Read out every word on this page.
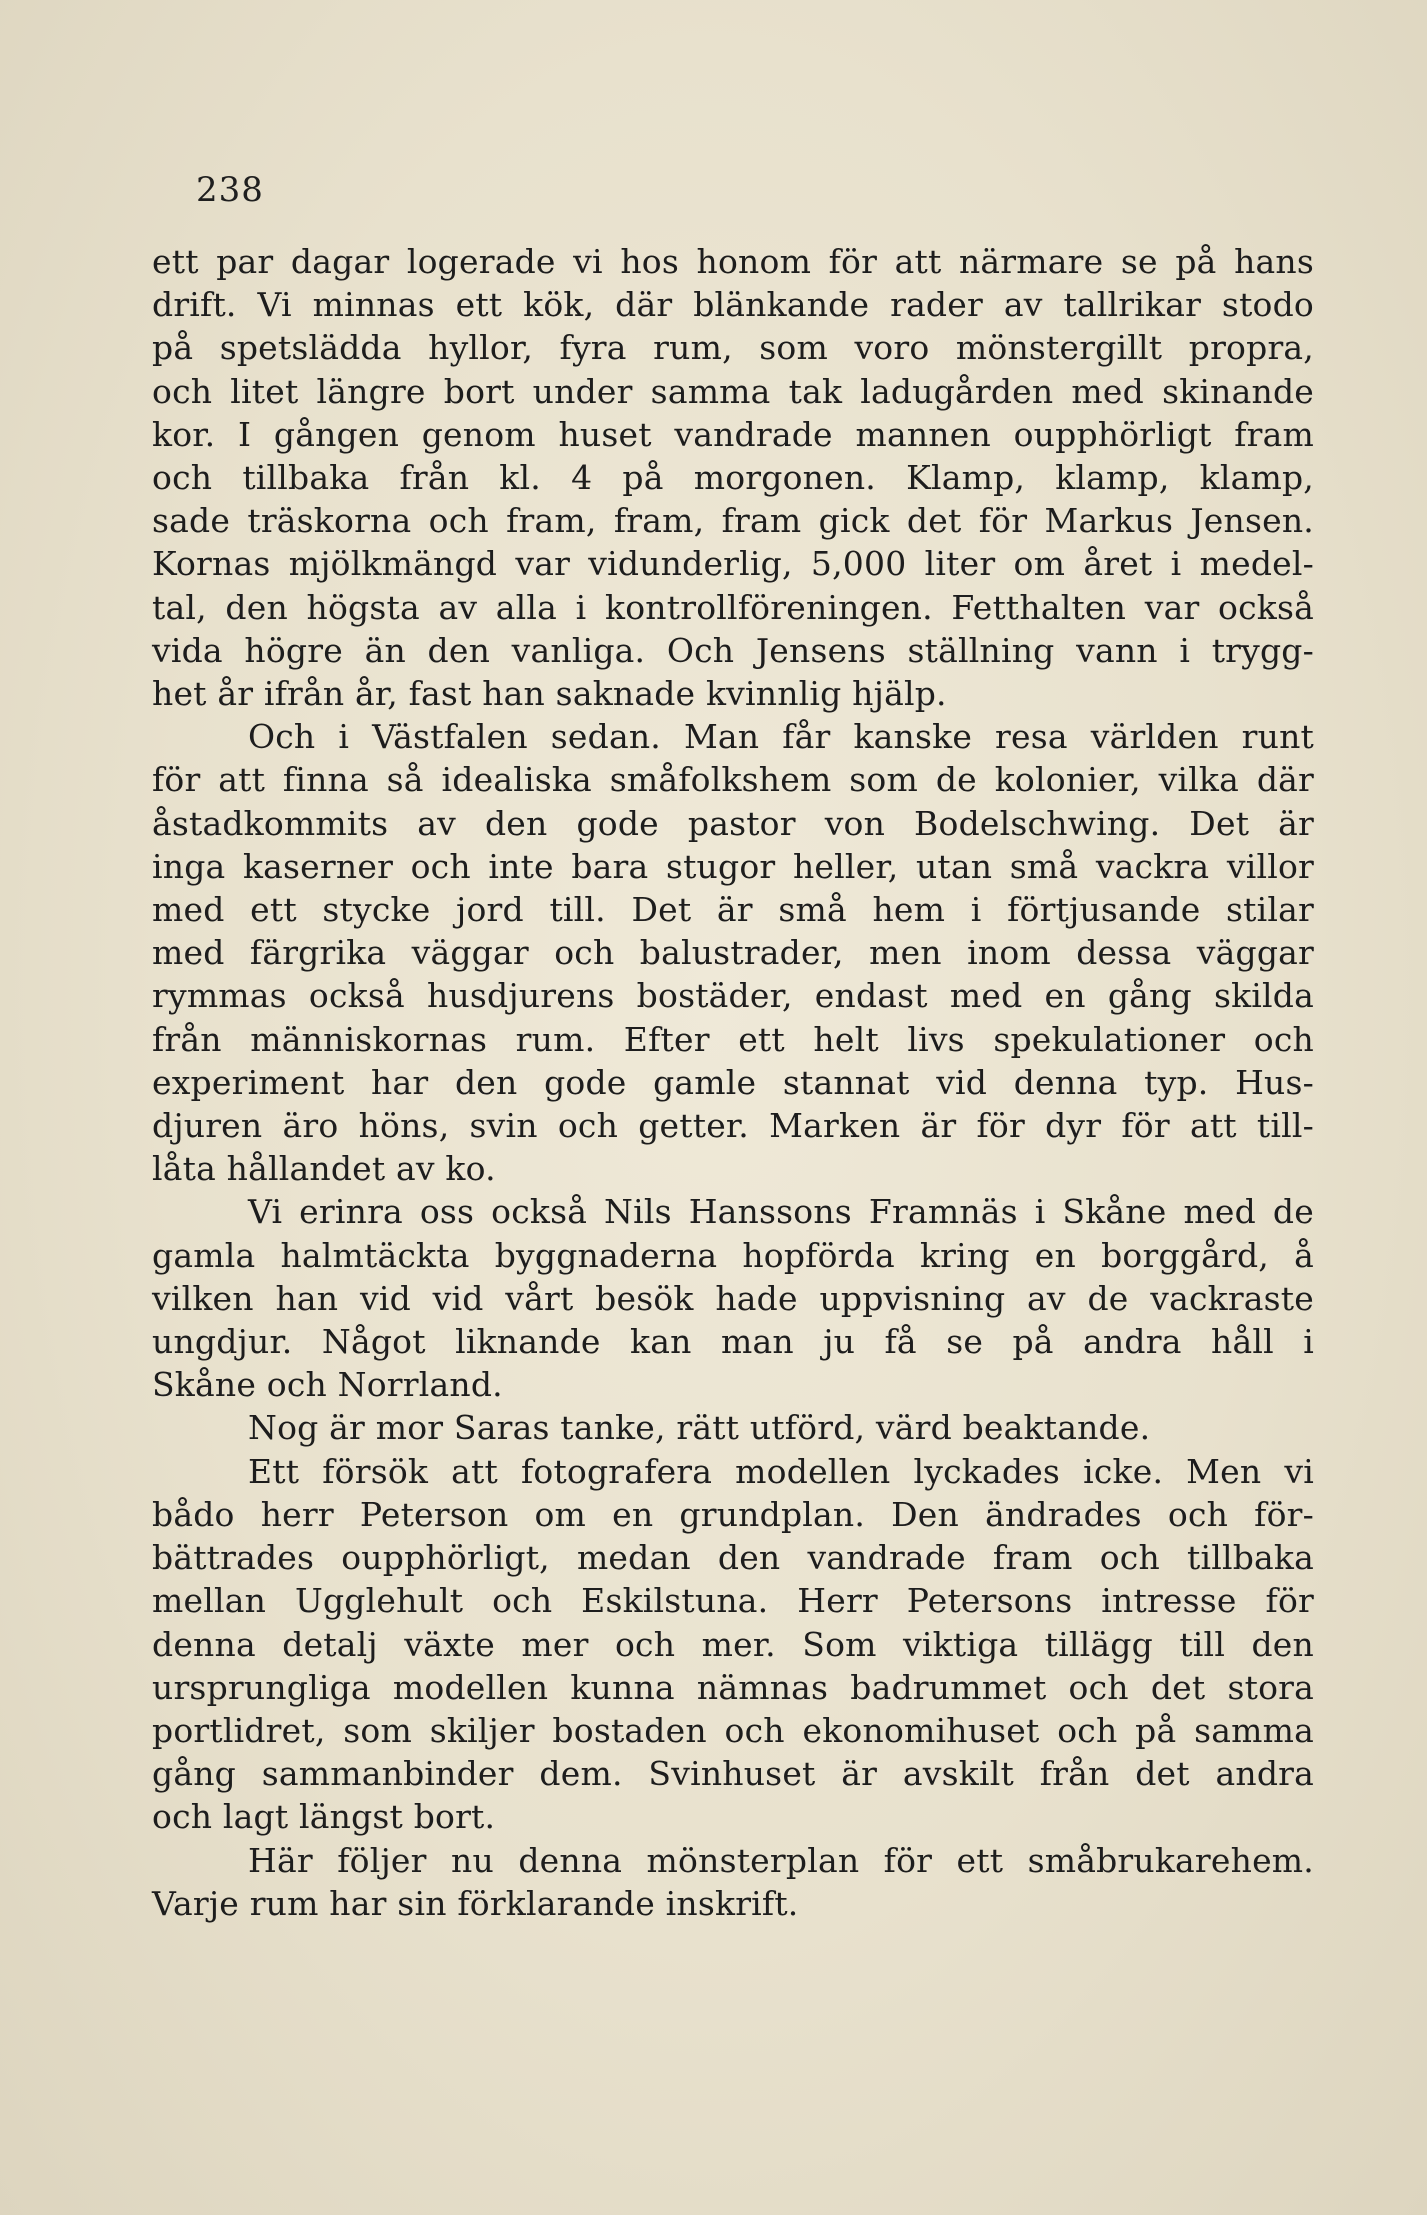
238
ett par dagar logerade vi hos honom för att närmare se på hans
drift. Vi minnas ett kök, där blänkande rader av tallrikar stodo
på spetslädda hyllor, fyra rum, som voro mönstergillt propra,
och litet längre bort under samma tak ladugården med skinande
kor. I gången genom huset vandrade mannen oupphörligt fram
och tillbaka från kl. 4 på morgonen. Klamp, klamp, klamp,
sade träskorna och fram, fram, fram gick det för Markus Jensen.
Kornas mjölkmängd var vidunderlig, 5,000 liter om året i medel-
tal, den högsta av alla i kontrollföreningen. Fetthalten var också
vida högre än den vanliga. Och Jensens ställning vann i trygg-
het år ifrån år, fast han saknade kvinnlig hjälp.
Och i Västfalen sedan. Man får kanske resa världen runt
för att finna så idealiska småfolkshem som de kolonier, vilka där
åstadkommits av den gode pastor von Bodelschwing. Det är
inga kaserner och inte bara stugor heller, utan små vackra villor
med ett stycke jord till. Det är små hem i förtjusande stilar
med färgrika väggar och balustrader, men inom dessa väggar
rymmas också husdjurens bostäder, endast med en gång skilda
från människornas rum. Efter ett helt livs spekulationer och
experiment har den gode gamle stannat vid denna typ. Hus-
djuren äro höns, svin och getter. Marken är för dyr för att till-
låta hållandet av ko.
Vi erinra oss också Nils Hanssons Framnäs i Skåne med de
gamla halmtäckta byggnaderna hopförda kring en borggård, å
vilken han vid vid vårt besök hade uppvisning av de vackraste
ungdjur. Något liknande kan man ju få se på andra håll i
Skåne och Norrland.
Nog är mor Saras tanke, rätt utförd, värd beaktande.
Ett försök att fotografera modellen lyckades icke. Men vi
bådo herr Peterson om en grundplan. Den ändrades och för-
bättrades oupphörligt, medan den vandrade fram och tillbaka
mellan Ugglehult och Eskilstuna. Herr Petersons intresse för
denna detalj växte mer och mer. Som viktiga tillägg till den
ursprungliga modellen kunna nämnas badrummet och det stora
portlidret, som skiljer bostaden och ekonomihuset och på samma
gång sammanbinder dem. Svinhuset är avskilt från det andra
och lagt längst bort.
Här följer nu denna mönsterplan för ett småbrukarehem.
Varje rum har sin förklarande inskrift.
